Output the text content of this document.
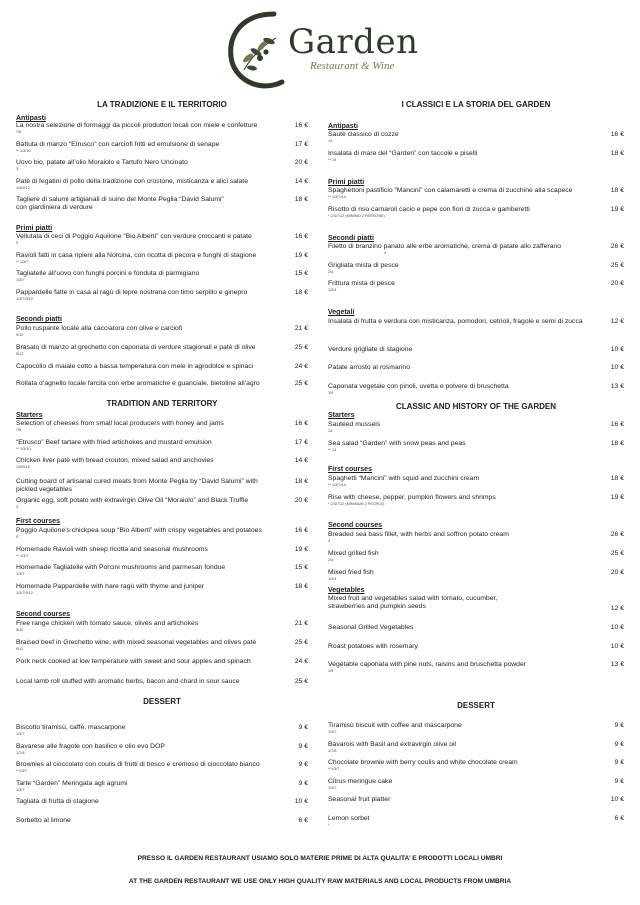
Garden
Restaurant & Wine
LA TRADIZIONE E IL TERRITORIO
Antipasti
La nostra selezione di formaggi da piccoli produttori locali con miele e confetture	16 €
7/8
Battuta di manzo “Etrusco” con carciofi fritti ed emulsione di senape	17 €
** 1/3/10
Uovo bio, patate all’olio Moraiolo e Tartufo Nero Uncinato	20 €
3
Patè di fegatini di pollo della tradizione con crostone, misticanza e alici salate	14 €
1/4/9/12
Tagliere di salumi artigianali di suino del Monte Peglia “David Salumi” con giardiniera di verdure
18 €
Primi piatti
Vellutata di ceci di Poggio Aquilone “Bio Alberti” con verdure croccanti e patate	16 €
9
Ravioli fatti in casa ripieni alla Norcina, con ricotta di pecora e funghi di stagione	19 €
** 1/3/7
Tagliatelle all’uovo con funghi porcini e fonduta di parmigiano	15 €
1/3/7
Pappardelle fatte in casa al ragù di lepre nostrana con timo serpillo e ginepro	18 €
1/3/7/9/12
Secondi piatti
Pollo ruspante locale alla cacciatora con olive e carciofi	21 €
9/12
Brasato di manzo al grechetto con caponata di verdure stagionali e patè di olive	25 €
9/12
Capocollo di maiale cotto a bassa temperatura con mele in agrodolce e spinaci	24 €
Rollata d’agnello locale farcita con erbe aromatiche e guanciale, bietoline all’agro	25 €
TRADITION AND TERRITORY
Starters
Selection of cheeses from small local producers with honey and jams	16 €
7/8
“Etrusco” Beef tartare with fried artichokes and mustard emulsion	17 €
** 1/3/10
Chicken liver patè with bread crouton, mixed salad and anchovies	14 €
1/4/9/12
Cutting board of artisanal cured meats from Monte Peglia by “David Salumi” with pickled vegetables
18 €
Organic egg, soft potato with extravirgin Olive Oil “Moraiolo” and Black Truffle	20 €
3
First courses
Poggio Aquilone’s chickpea soup “Bio Alberti” with crispy vegetables and potatoes	16 €
9
Homemade Ravioli with sheep ricotta and seasonal mushrooms	19 €
** 1/3/7
Homemade Tagliatelle with Porcini mushrooms and parmesan fondue	15 €
1/3/7
Homemade Pappardelle with hare ragù with thyme and juniper	18 €
1/3/7/9/12
Second courses
Free range chicken with tomato sauce, olives and artichokes	21 €
9/12
Braised beef in Grechetto wine, with mixed seasonal vegetables and olives patè	25 €
9/12
Pork neck cooked at low temperature with sweet and sour apples and spinach	24 €
Local lamb roll stuffed with aromatic herbs, bacon and chard in sour sauce	25 €
DESSERT
Biscotto tiramisù, caffè, mascarpone	9 €
1/3/7
Bavarese alle fragole con basilico e olio evo DOP	9 €
1/7/8
Brownies al cioccolato con coulis di frutti di bosco e cremoso di cioccolato bianco	9 €
**1/3/7
Tarte “Garden” Meringata agli agrumi	9 €
1/3/7
Tagliata di frutta di stagione	10 €
Sorbetto al limone	6 €
I CLASSICI E LA STORIA DEL GARDEN
Antipasti
Sautè classico di cozze	16 €
14
Insalata di mare del “Garden” con taccole e piselli	18 €
** 14
Primi piatti
Spaghettoni pastificio “Mancini” con calamaretti e crema di zucchine alla scapece	18 €
** 1/3/7/14
Risotto di riso carnaroli cacio e pepe con fiori di zucca e gamberetti	19 €
* 2/3/7/12 (MINIMO 2 PERSONE)
Secondi piatti
Filetto di branzino panato alle erbe aromatiche, crema di patate allo zafferano	26 €
4
Grigliata mista di pesce	25 €
2/4
Frittura mista di pesce	20 €
1/2/4
Vegetali
Insalata di frutta e verdura con misticanza, pomodori, cetrioli, fragole e semi di zucca	12 €
Verdure grigliate di stagione	10 €
Patate arrosto al rosmarino	10 €
Caponata vegetale con pinoli, uvetta e polvere di bruschetta	13 €
1/9
CLASSIC AND HISTORY OF THE GARDEN
Starters
Sautéed mussels	16 €
14
Sea salad “Garden” with snow peas and peas	18 €
** 14
First courses
Spaghetti “Mancini” with squid and zucchini cream	18 €
** 1/3/7/14
Rise with cheese, pepper, pumpkin flowers and shrimps	19 €
* 2/3/7/12 (MINIMUM 2 PEOPLE)
Second courses
Breaded sea bass fillet, with herbs and soffron potato cream	26 €
4
Mixed grilled fish	25 €
2/4
Mixed fried fish	20 €
1/2/4
Vegetables
Mixed fruit and vegetables salad with tomato, cucumber, strawberries and pumpkin seeds	12 €
Seasonal Grilled Vegetables	10 €
Roast potatoes with rosemary	10 €
Vegetable caponata with pine nuts, raisins and bruschetta powder	13 €
1/9
DESSERT
Tiramisù biscuit with coffee and mascarpone	9 €
1/3/7
Bavarois with Basil and extravirgin olive oil	9 €
1/7/8
Chocolate brownie with berry coulis and white chocolate cream	9 €
**1/3/7
Citrus meringue cake	9 €
1/3/7
Seasonal fruit platter	10 €
Lemon sorbet	6 €
*
PRESSO IL GARDEN RESTAURANT USIAMO SOLO MATERIE PRIME DI ALTA QUALITA’ E PRODOTTI LOCALI UMBRI
AT THE GARDEN RESTAURANT WE USE ONLY HIGH QUALITY RAW MATERIALS AND LOCAL PRODUCTS FROM UMBRIA
